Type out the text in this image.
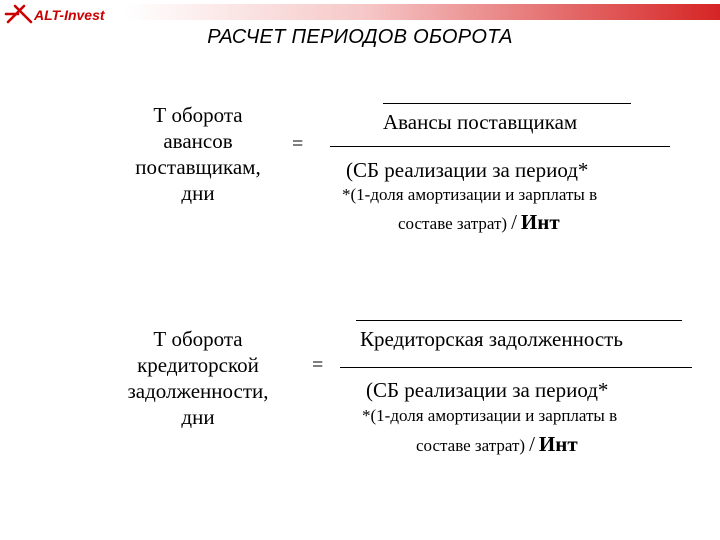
ALT-Invest
РАСЧЕТ ПЕРИОДОВ ОБОРОТА
Т оборота
авансов
поставщикам,
дни
=
Авансы поставщикам
(СБ реализации за период*
*(1-доля амортизации и зарплаты в
составе затрат) / Инт
Т оборота
кредиторской
задолженности,
дни
=
Кредиторская задолженность
(СБ реализации за период*
*(1-доля амортизации и зарплаты в
составе затрат) / Инт
